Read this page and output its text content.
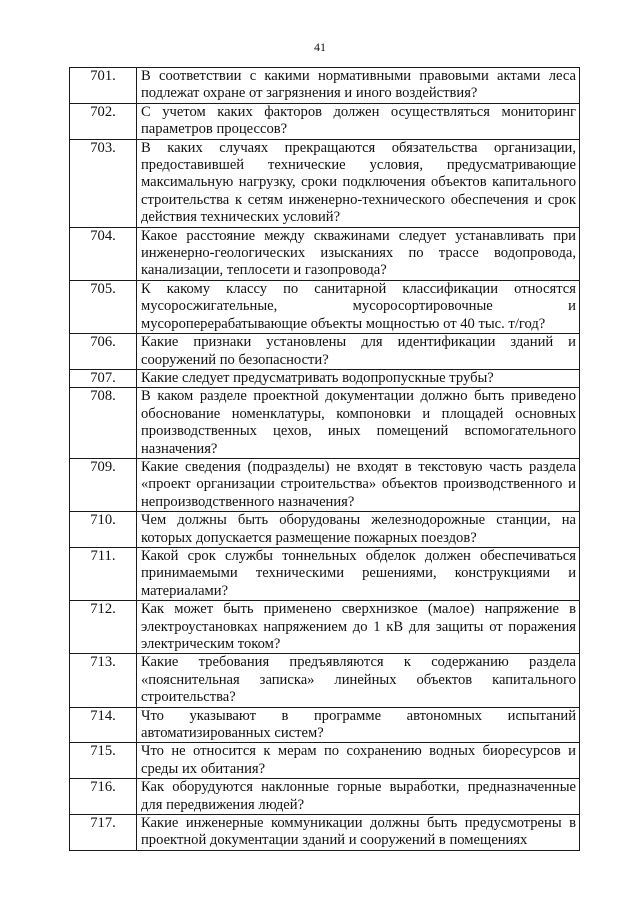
41
701.	В соответствии с какими нормативными правовыми актами леса подлежат охране от загрязнения и иного воздействия?
702.	С учетом каких факторов должен осуществляться мониторинг параметров процессов?
703.	В каких случаях прекращаются обязательства организации, предоставившей технические условия, предусматривающие максимальную нагрузку, сроки подключения объектов капитального строительства к сетям инженерно-технического обеспечения и срок действия технических условий?
704.	Какое расстояние между скважинами следует устанавливать при инженерно-геологических изысканиях по трассе водопровода, канализации, теплосети и газопровода?
705.	К какому классу по санитарной классификации относятся мусоросжигательные, мусоросортировочные и мусороперерабатывающие объекты мощностью от 40 тыс. т/год?
706.	Какие признаки установлены для идентификации зданий и сооружений по безопасности?
707.	Какие следует предусматривать водопропускные трубы?
708.	В каком разделе проектной документации должно быть приведено обоснование номенклатуры, компоновки и площадей основных производственных цехов, иных помещений вспомогательного назначения?
709.	Какие сведения (подразделы) не входят в текстовую часть раздела «проект организации строительства» объектов производственного и непроизводственного назначения?
710.	Чем должны быть оборудованы железнодорожные станции, на которых допускается размещение пожарных поездов?
711.	Какой срок службы тоннельных обделок должен обеспечиваться принимаемыми техническими решениями, конструкциями и материалами?
712.	Как может быть применено сверхнизкое (малое) напряжение в электроустановках напряжением до 1 кВ для защиты от поражения электрическим током?
713.	Какие требования предъявляются к содержанию раздела «пояснительная записка» линейных объектов капитального строительства?
714.	Что указывают в программе автономных испытаний автоматизированных систем?
715.	Что не относится к мерам по сохранению водных биоресурсов и среды их обитания?
716.	Как оборудуются наклонные горные выработки, предназначенные для передвижения людей?
717.	Какие инженерные коммуникации должны быть предусмотрены в проектной документации зданий и сооружений в помещениях
